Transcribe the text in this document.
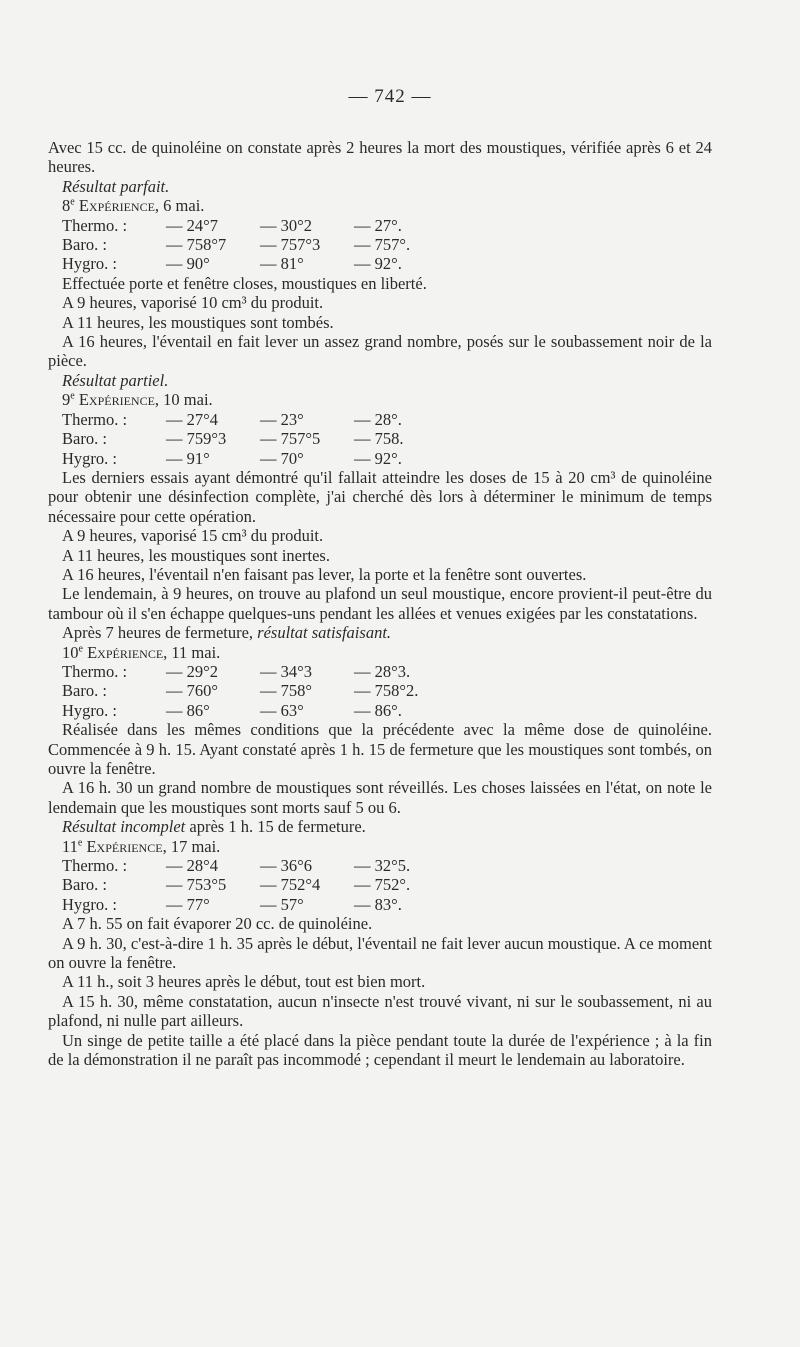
— 742 —

Avec 15 cc. de quinoléine on constate après 2 heures la mort des moustiques, vérifiée après 6 et 24 heures.

Résultat parfait.

8e Expérience, 6 mai.

Thermo. :	— 24°7	— 30°2	— 27°.
Baro. :	— 758°7	— 757°3	— 757°.
Hygro. :	— 90°	— 81°	— 92°.

Effectuée porte et fenêtre closes, moustiques en liberté.

A 9 heures, vaporisé 10 cm³ du produit.

A 11 heures, les moustiques sont tombés.

A 16 heures, l'éventail en fait lever un assez grand nombre, posés sur le soubassement noir de la pièce.

Résultat partiel.

9e Expérience, 10 mai.

Thermo. :	— 27°4	— 23°	— 28°.
Baro. :	— 759°3	— 757°5	— 758.
Hygro. :	— 91°	— 70°	— 92°.

Les derniers essais ayant démontré qu'il fallait atteindre les doses de 15 à 20 cm³ de quinoléine pour obtenir une désinfection complète, j'ai cherché dès lors à déterminer le minimum de temps nécessaire pour cette opération.

A 9 heures, vaporisé 15 cm³ du produit.

A 11 heures, les moustiques sont inertes.

A 16 heures, l'éventail n'en faisant pas lever, la porte et la fenêtre sont ouvertes.

Le lendemain, à 9 heures, on trouve au plafond un seul moustique, encore provient-il peut-être du tambour où il s'en échappe quelques-uns pendant les allées et venues exigées par les constatations.

Après 7 heures de fermeture, résultat satisfaisant.

10e Expérience, 11 mai.

Thermo. :	— 29°2	— 34°3	— 28°3.
Baro. :	— 760°	— 758°	— 758°2.
Hygro. :	— 86°	— 63°	— 86°.

Réalisée dans les mêmes conditions que la précédente avec la même dose de quinoléine. Commencée à 9 h. 15. Ayant constaté après 1 h. 15 de fermeture que les moustiques sont tombés, on ouvre la fenêtre.

A 16 h. 30 un grand nombre de moustiques sont réveillés. Les choses laissées en l'état, on note le lendemain que les moustiques sont morts sauf 5 ou 6.

Résultat incomplet après 1 h. 15 de fermeture.

11e Expérience, 17 mai.

Thermo. :	— 28°4	— 36°6	— 32°5.
Baro. :	— 753°5	— 752°4	— 752°.
Hygro. :	— 77°	— 57°	— 83°.

A 7 h. 55 on fait évaporer 20 cc. de quinoléine.

A 9 h. 30, c'est-à-dire 1 h. 35 après le début, l'éventail ne fait lever aucun moustique. A ce moment on ouvre la fenêtre.

A 11 h., soit 3 heures après le début, tout est bien mort.

A 15 h. 30, même constatation, aucun n'insecte n'est trouvé vivant, ni sur le soubassement, ni au plafond, ni nulle part ailleurs.

Un singe de petite taille a été placé dans la pièce pendant toute la durée de l'expérience ; à la fin de la démonstration il ne paraît pas incommodé ; cependant il meurt le lendemain au laboratoire.
